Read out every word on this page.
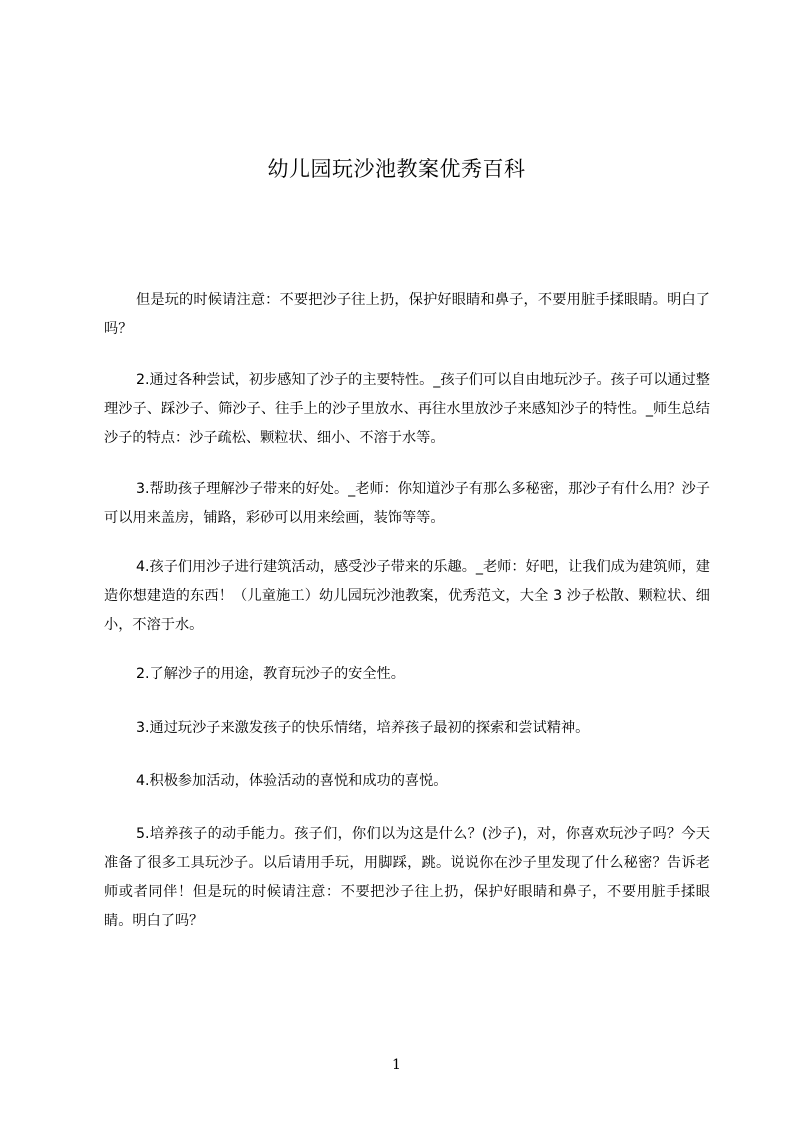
幼儿园玩沙池教案优秀百科

但是玩的时候请注意：不要把沙子往上扔，保护好眼睛和鼻子，不要用脏手揉眼睛。明白了吗？

2.通过各种尝试，初步感知了沙子的主要特性。_孩子们可以自由地玩沙子。孩子可以通过整理沙子、踩沙子、筛沙子、往手上的沙子里放水、再往水里放沙子来感知沙子的特性。_师生总结沙子的特点：沙子疏松、颗粒状、细小、不溶于水等。

3.帮助孩子理解沙子带来的好处。_老师：你知道沙子有那么多秘密，那沙子有什么用？沙子可以用来盖房，铺路，彩砂可以用来绘画，装饰等等。

4.孩子们用沙子进行建筑活动，感受沙子带来的乐趣。_老师：好吧，让我们成为建筑师，建造你想建造的东西！（儿童施工）幼儿园玩沙池教案，优秀范文，大全 3 沙子松散、颗粒状、细小，不溶于水。

2.了解沙子的用途，教育玩沙子的安全性。

3.通过玩沙子来激发孩子的快乐情绪，培养孩子最初的探索和尝试精神。

4.积极参加活动，体验活动的喜悦和成功的喜悦。

5.培养孩子的动手能力。孩子们，你们以为这是什么？(沙子)，对，你喜欢玩沙子吗？今天准备了很多工具玩沙子。以后请用手玩，用脚踩，跳。说说你在沙子里发现了什么秘密？告诉老师或者同伴！但是玩的时候请注意：不要把沙子往上扔，保护好眼睛和鼻子，不要用脏手揉眼睛。明白了吗？

1
